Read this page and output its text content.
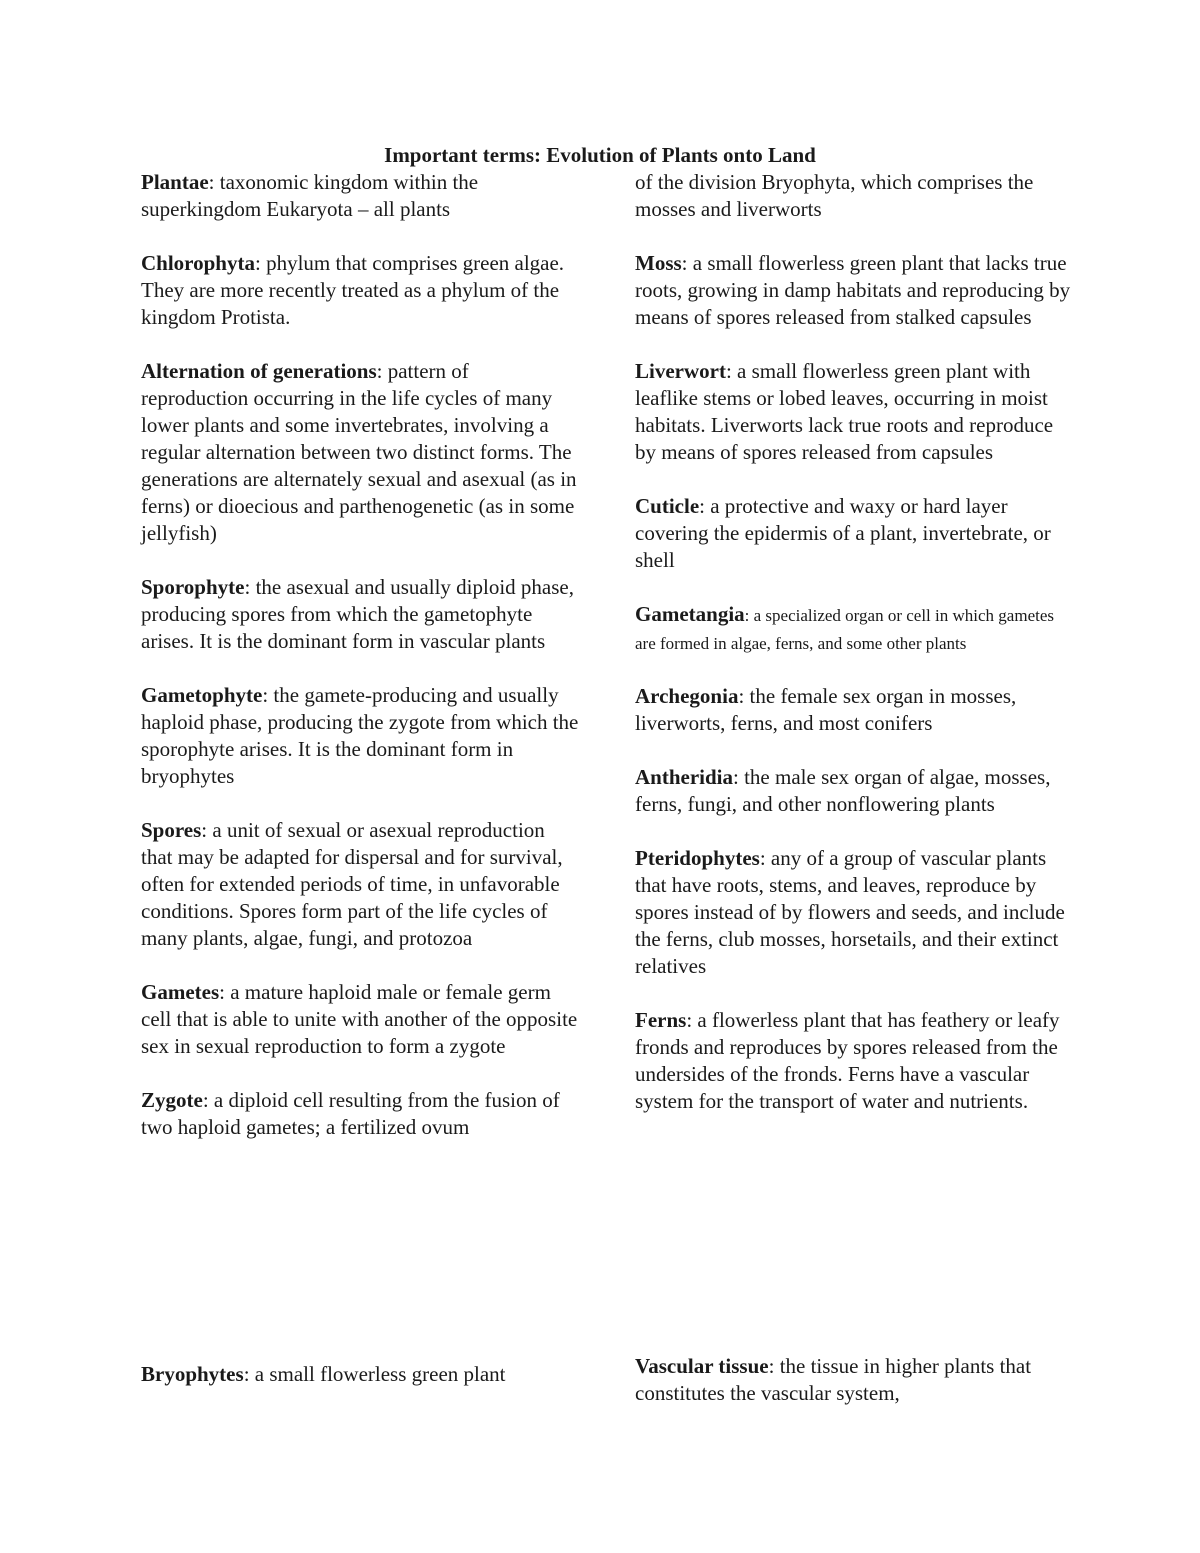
Important terms: Evolution of Plants onto Land

Plantae: taxonomic kingdom within the superkingdom Eukaryota – all plants

Chlorophyta: phylum that comprises green algae. They are more recently treated as a phylum of the kingdom Protista.

Alternation of generations: pattern of reproduction occurring in the life cycles of many lower plants and some invertebrates, involving a regular alternation between two distinct forms. The generations are alternately sexual and asexual (as in ferns) or dioecious and parthenogenetic (as in some jellyfish)

Sporophyte: the asexual and usually diploid phase, producing spores from which the gametophyte arises. It is the dominant form in vascular plants

Gametophyte: the gamete-producing and usually haploid phase, producing the zygote from which the sporophyte arises. It is the dominant form in bryophytes

Spores: a unit of sexual or asexual reproduction that may be adapted for dispersal and for survival, often for extended periods of time, in unfavorable conditions. Spores form part of the life cycles of many plants, algae, fungi, and protozoa

Gametes: a mature haploid male or female germ cell that is able to unite with another of the opposite sex in sexual reproduction to form a zygote

Zygote: a diploid cell resulting from the fusion of two haploid gametes; a fertilized ovum

of the division Bryophyta, which comprises the mosses and liverworts

Moss: a small flowerless green plant that lacks true roots, growing in damp habitats and reproducing by means of spores released from stalked capsules

Liverwort: a small flowerless green plant with leaflike stems or lobed leaves, occurring in moist habitats. Liverworts lack true roots and reproduce by means of spores released from capsules

Cuticle: a protective and waxy or hard layer covering the epidermis of a plant, invertebrate, or shell

Gametangia: a specialized organ or cell in which gametes are formed in algae, ferns, and some other plants

Archegonia: the female sex organ in mosses, liverworts, ferns, and most conifers

Antheridia: the male sex organ of algae, mosses, ferns, fungi, and other nonflowering plants

Pteridophytes: any of a group of vascular plants that have roots, stems, and leaves, reproduce by spores instead of by flowers and seeds, and include the ferns, club mosses, horsetails, and their extinct relatives

Ferns: a flowerless plant that has feathery or leafy fronds and reproduces by spores released from the undersides of the fronds. Ferns have a vascular system for the transport of water and nutrients.

Bryophytes: a small flowerless green plant	Vascular tissue: the tissue in higher plants that constitutes the vascular system,
